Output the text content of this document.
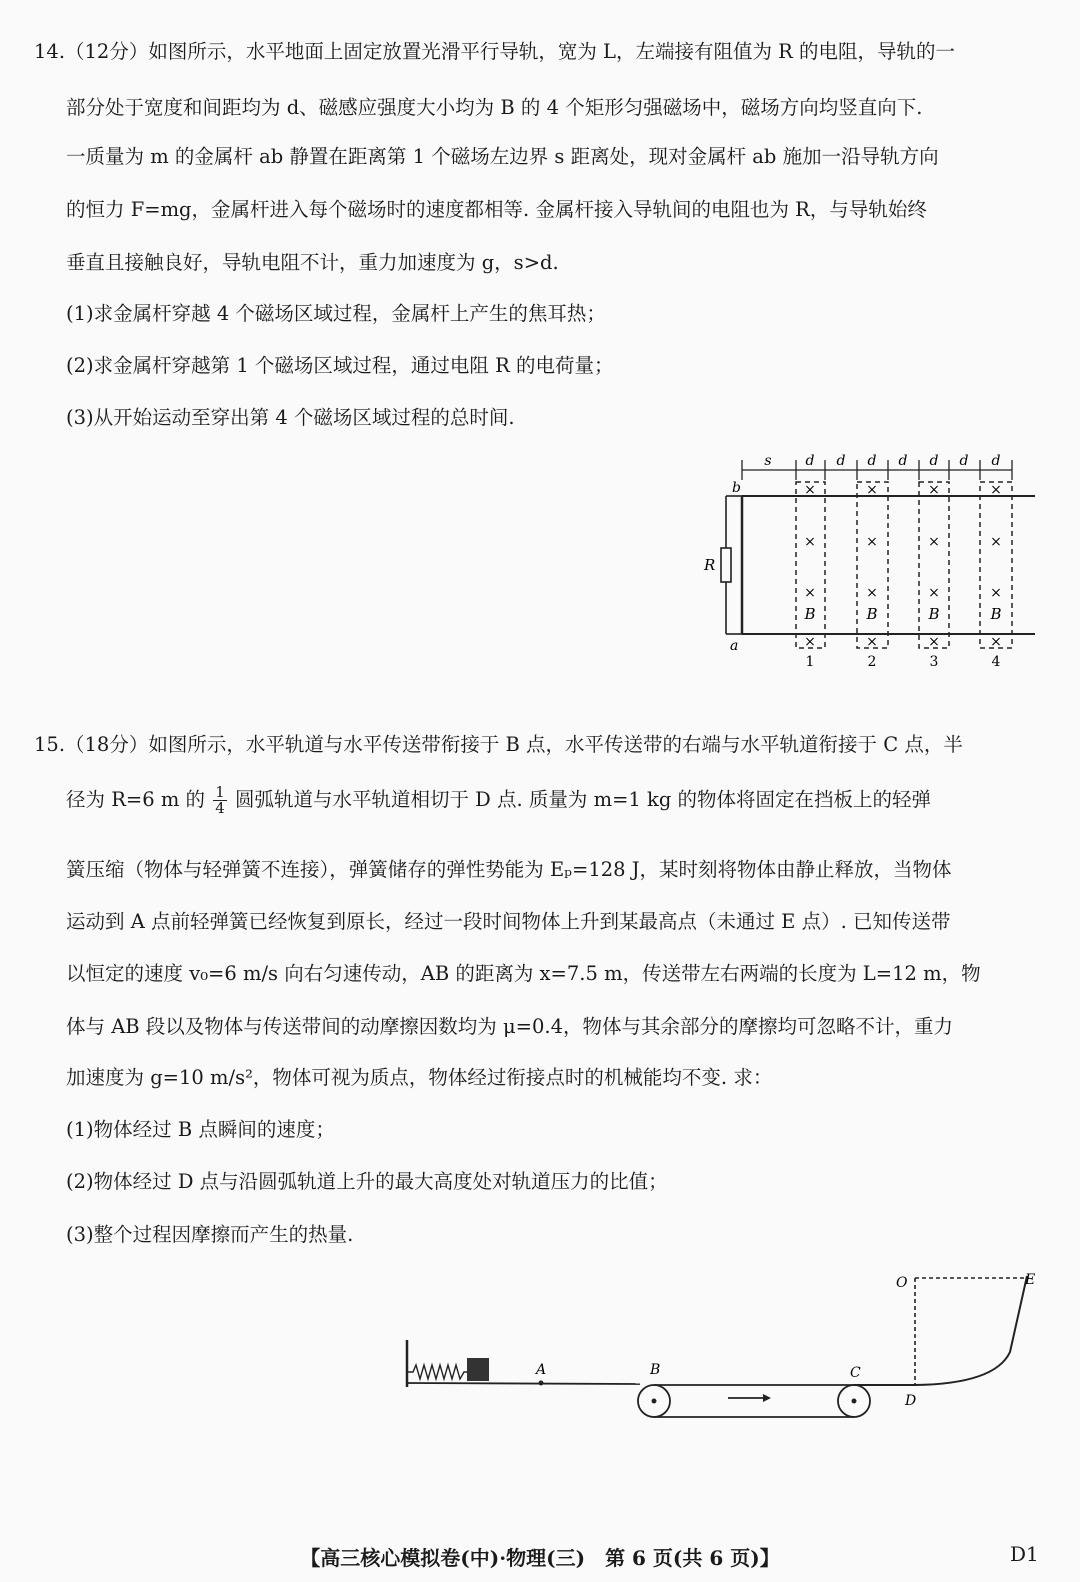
14.（12分）如图所示，水平地面上固定放置光滑平行导轨，宽为 L，左端接有阻值为 R 的电阻，导轨的一
部分处于宽度和间距均为 d、磁感应强度大小均为 B 的 4 个矩形匀强磁场中，磁场方向均竖直向下.
一质量为 m 的金属杆 ab 静置在距离第 1 个磁场左边界 s 距离处，现对金属杆 ab 施加一沿导轨方向
的恒力 F=mg，金属杆进入每个磁场时的速度都相等. 金属杆接入导轨间的电阻也为 R，与导轨始终
垂直且接触良好，导轨电阻不计，重力加速度为 g，s>d.
(1)求金属杆穿越 4 个磁场区域过程，金属杆上产生的焦耳热；
(2)求金属杆穿越第 1 个磁场区域过程，通过电阻 R 的电荷量；
(3)从开始运动至穿出第 4 个磁场区域过程的总时间.
s d d d d d d d
R
b
a
×
×
×
×
×
×
×
×
×
×
×
×
×
×
×
×
B	B	B	B
1	2	3	4
15.（18分）如图所示，水平轨道与水平传送带衔接于 B 点，水平传送带的右端与水平轨道衔接于 C 点，半
径为 R=6 m 的 $\frac{1}{4}$ 圆弧轨道与水平轨道相切于 D 点. 质量为 m=1 kg 的物体将固定在挡板上的轻弹
簧压缩（物体与轻弹簧不连接），弹簧储存的弹性势能为 Eₚ=128 J，某时刻将物体由静止释放，当物体
运动到 A 点前轻弹簧已经恢复到原长，经过一段时间物体上升到某最高点（未通过 E 点）. 已知传送带
以恒定的速度 v₀=6 m/s 向右匀速传动，AB 的距离为 x=7.5 m，传送带左右两端的长度为 L=12 m，物
体与 AB 段以及物体与传送带间的动摩擦因数均为 μ=0.4，物体与其余部分的摩擦均可忽略不计，重力
加速度为 g=10 m/s²，物体可视为质点，物体经过衔接点时的机械能均不变. 求：
(1)物体经过 B 点瞬间的速度；
(2)物体经过 D 点与沿圆弧轨道上升的最大高度处对轨道压力的比值；
(3)整个过程因摩擦而产生的热量.
A	B	C
D
O	E
【高三核心模拟卷(中)·物理(三)　第 6 页(共 6 页)】	D1
